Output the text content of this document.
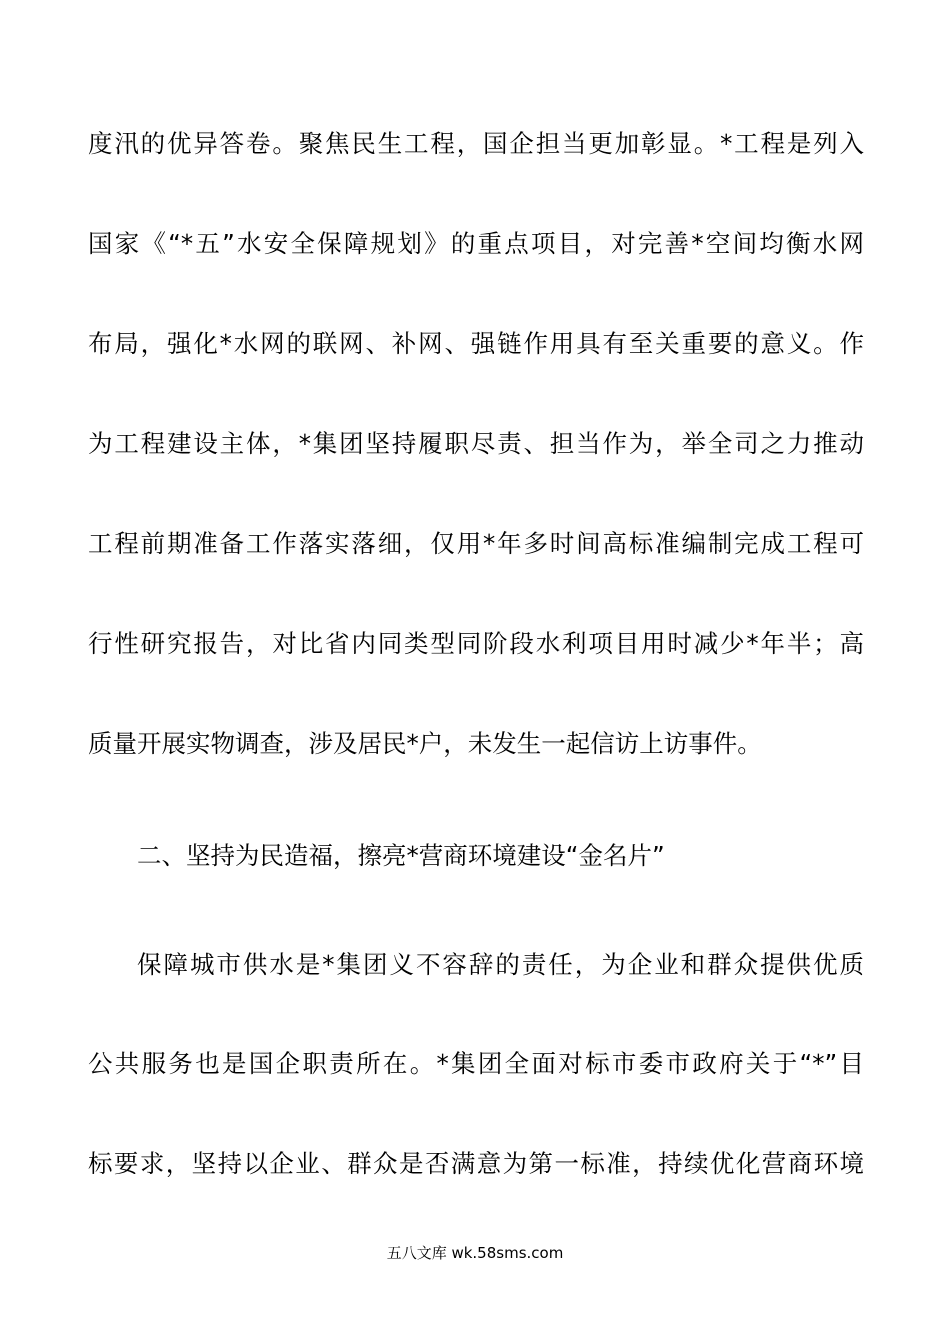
度汛的优异答卷。聚焦民生工程，国企担当更加彰显。*工程是列入
国家《“*五”水安全保障规划》的重点项目，对完善*空间均衡水网
布局，强化*水网的联网、补网、强链作用具有至关重要的意义。作
为工程建设主体，*集团坚持履职尽责、担当作为，举全司之力推动
工程前期准备工作落实落细，仅用*年多时间高标准编制完成工程可
行性研究报告，对比省内同类型同阶段水利项目用时减少*年半；高
质量开展实物调查，涉及居民*户，未发生一起信访上访事件。
二、坚持为民造福，擦亮*营商环境建设“金名片”
保障城市供水是*集团义不容辞的责任，为企业和群众提供优质
公共服务也是国企职责所在。*集团全面对标市委市政府关于“*”目
标要求，坚持以企业、群众是否满意为第一标准，持续优化营商环境
五八文库 wk.58sms.com
